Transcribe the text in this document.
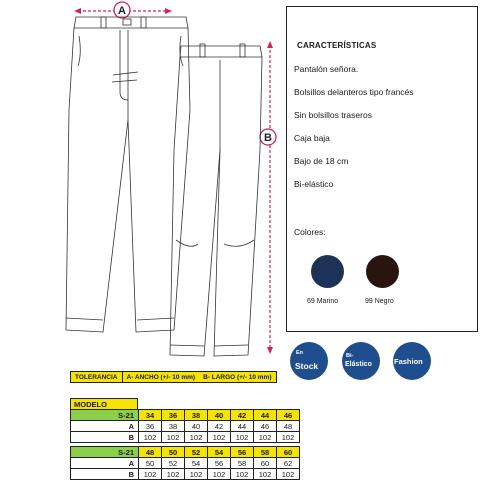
A
B
CARACTERÍSTICAS
Pantalón señora.
Bolsillos delanteros tipo francés
Sin bolsillos traseros
Caja baja
Bajo de 18 cm
Bi-elástico
Colores:
69 Marino	99 Negro
En
Stock
Bi-
Elástico	Fashion
TOLERANCIA	A- ANCHO (+/- 10 mm)	B- LARGO (+/- 10 mm)
MODELO
S-21	34	36	38	40	42	44	46
A	36	38	40	42	44	46	48
B	102	102	102	102	102	102	102

S-21	48	50	52	54	56	58	60
A	50	52	54	56	58	60	62
B	102	102	102	102	102	102	102
